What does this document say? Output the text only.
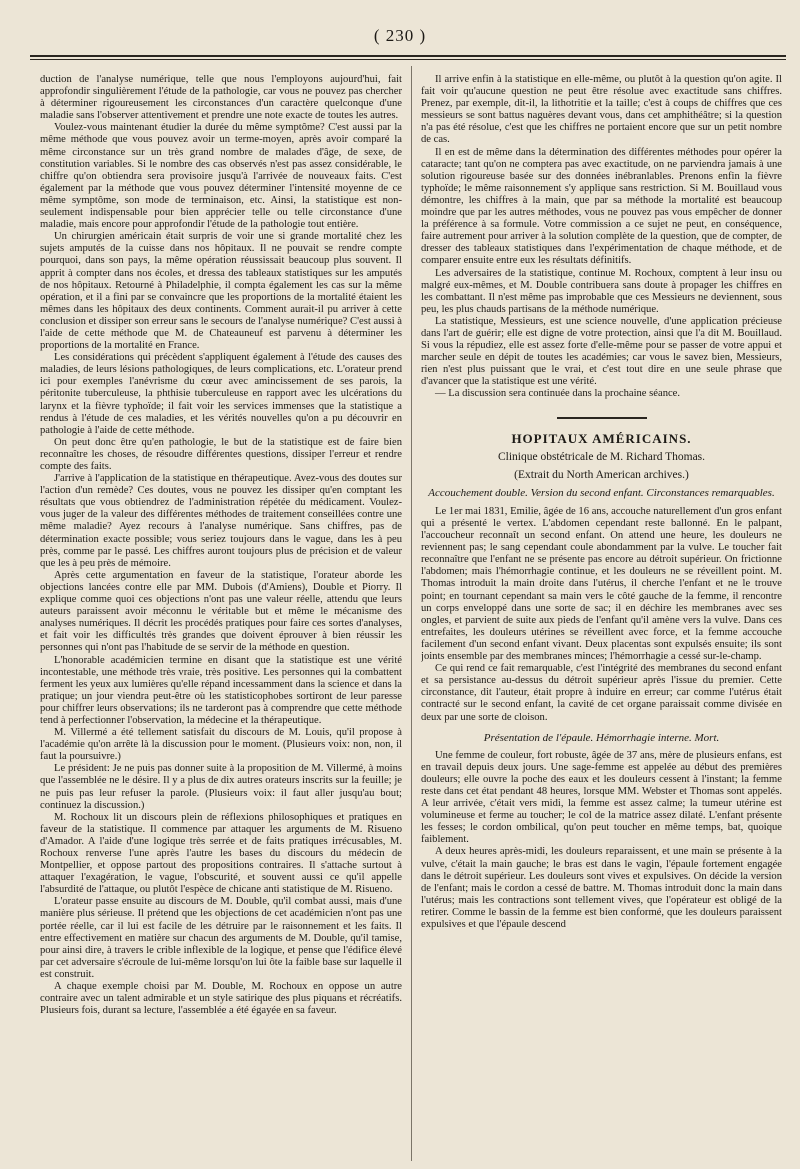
( 230 )

duction de l'analyse numérique, telle que nous l'employons aujourd'hui, fait approfondir singulièrement l'étude de la pathologie, car vous ne pouvez pas chercher à déterminer rigoureusement les circonstances d'un caractère quelconque d'une maladie sans l'observer attentivement et prendre une note exacte de toutes les autres.

Voulez-vous maintenant étudier la durée du même symptôme? C'est aussi par la même méthode que vous pouvez avoir un terme-moyen, après avoir comparé la même circonstance sur un très grand nombre de malades d'âge, de sexe, de constitution variables. Si le nombre des cas observés n'est pas assez considérable, le chiffre qu'on obtiendra sera provisoire jusqu'à l'arrivée de nouveaux faits. C'est également par la méthode que vous pouvez déterminer l'intensité moyenne de ce même symptôme, son mode de terminaison, etc. Ainsi, la statistique est non-seulement indispensable pour bien apprécier telle ou telle circonstance d'une maladie, mais encore pour approfondir l'étude de la pathologie tout entière.

Un chirurgien américain était surpris de voir une si grande mortalité chez les sujets amputés de la cuisse dans nos hôpitaux. Il ne pouvait se rendre compte pourquoi, dans son pays, la même opération réussissait beaucoup plus souvent. Il apprit à compter dans nos écoles, et dressa des tableaux statistiques sur les amputés de nos hôpitaux. Retourné à Philadelphie, il compta également les cas sur la même opération, et il a fini par se convaincre que les proportions de la mortalité étaient les mêmes dans les hôpitaux des deux continents. Comment aurait-il pu arriver à cette conclusion et dissiper son erreur sans le secours de l'analyse numérique? C'est aussi à l'aide de cette méthode que M. de Chateauneuf est parvenu à déterminer les proportions de la mortalité en France.

Les considérations qui précèdent s'appliquent également à l'étude des causes des maladies, de leurs lésions pathologiques, de leurs complications, etc. L'orateur prend ici pour exemples l'anévrisme du cœur avec amincissement de ses parois, la péritonite tuberculeuse, la phthisie tuberculeuse en rapport avec les ulcérations du larynx et la fièvre typhoïde; il fait voir les services immenses que la statistique a rendus à l'étude de ces maladies, et les vérités nouvelles qu'on a pu découvrir en pathologie à l'aide de cette méthode.

On peut donc être qu'en pathologie, le but de la statistique est de faire bien reconnaître les choses, de résoudre différentes questions, dissiper l'erreur et rendre compte des faits.

J'arrive à l'application de la statistique en thérapeutique. Avez-vous des doutes sur l'action d'un remède? Ces doutes, vous ne pouvez les dissiper qu'en comptant les résultats que vous obtiendrez de l'administration répétée du médicament. Voulez-vous juger de la valeur des différentes méthodes de traitement conseillées contre une même maladie? Ayez recours à l'analyse numérique. Sans chiffres, pas de détermination exacte possible; vous seriez toujours dans le vague, dans les à peu près, comme par le passé. Les chiffres auront toujours plus de précision et de valeur que les à peu près de mémoire.

Après cette argumentation en faveur de la statistique, l'orateur aborde les objections lancées contre elle par MM. Dubois (d'Amiens), Double et Piorry. Il explique comme quoi ces objections n'ont pas une valeur réelle, attendu que leurs auteurs paraissent avoir méconnu le véritable but et même le mécanisme des analyses numériques. Il décrit les procédés pratiques pour faire ces sortes d'analyses, et fait voir les difficultés très grandes que doivent éprouver à bien réussir les personnes qui n'ont pas l'habitude de se servir de la méthode en question.

L'honorable académicien termine en disant que la statistique est une vérité incontestable, une méthode très vraie, très positive. Les personnes qui la combattent ferment les yeux aux lumières qu'elle répand incessamment dans la science et dans la pratique; un jour viendra peut-être où les statisticophobes sortiront de leur paresse pour chiffrer leurs observations; ils ne tarderont pas à comprendre que cette méthode tend à perfectionner l'observation, la médecine et la thérapeutique.

M. Villermé a été tellement satisfait du discours de M. Louis, qu'il propose à l'académie qu'on arrête là la discussion pour le moment. (Plusieurs voix: non, non, il faut la poursuivre.)

Le président: Je ne puis pas donner suite à la proposition de M. Villermé, à moins que l'assemblée ne le désire. Il y a plus de dix autres orateurs inscrits sur la feuille; je ne puis pas leur refuser la parole. (Plusieurs voix: il faut aller jusqu'au bout; continuez la discussion.)

M. Rochoux lit un discours plein de réflexions philosophiques et pratiques en faveur de la statistique. Il commence par attaquer les arguments de M. Risueno d'Amador. A l'aide d'une logique très serrée et de faits pratiques irrécusables, M. Rochoux renverse l'une après l'autre les bases du discours du médecin de Montpellier, et oppose partout des propositions contraires. Il s'attache surtout à attaquer l'exagération, le vague, l'obscurité, et souvent aussi ce qu'il appelle l'absurdité de l'attaque, ou plutôt l'espèce de chicane anti statistique de M. Risueno.

L'orateur passe ensuite au discours de M. Double, qu'il combat aussi, mais d'une manière plus sérieuse. Il prétend que les objections de cet académicien n'ont pas une portée réelle, car il lui est facile de les détruire par le raisonnement et les faits. Il entre effectivement en matière sur chacun des arguments de M. Double, qu'il tamise, pour ainsi dire, à travers le crible inflexible de la logique, et pense que l'édifice élevé par cet adversaire s'écroule de lui-même lorsqu'on lui ôte la faible base sur laquelle il est construit.

A chaque exemple choisi par M. Double, M. Rochoux en oppose un autre contraire avec un talent admirable et un style satirique des plus piquans et récréatifs. Plusieurs fois, durant sa lecture, l'assemblée a été égayée en sa faveur.

Il arrive enfin à la statistique en elle-même, ou plutôt à la question qu'on agite. Il fait voir qu'aucune question ne peut être résolue avec exactitude sans chiffres. Prenez, par exemple, dit-il, la lithotritie et la taille; c'est à coups de chiffres que ces messieurs se sont battus naguères devant vous, dans cet amphithéâtre; si la question n'a pas été résolue, c'est que les chiffres ne portaient encore que sur un petit nombre de cas.

Il en est de même dans la détermination des différentes méthodes pour opérer la cataracte; tant qu'on ne comptera pas avec exactitude, on ne parviendra jamais à une solution rigoureuse basée sur des données inébranlables. Prenons enfin la fièvre typhoïde; le même raisonnement s'y applique sans restriction. Si M. Bouillaud vous démontre, les chiffres à la main, que par sa méthode la mortalité est beaucoup moindre que par les autres méthodes, vous ne pouvez pas vous empêcher de donner la préférence à sa formule. Votre commission a ce sujet ne peut, en conséquence, faire autrement pour arriver à la solution complète de la question, que de compter, de dresser des tableaux statistiques dans l'expérimentation de chaque méthode, et de comparer ensuite entre eux les résultats définitifs.

Les adversaires de la statistique, continue M. Rochoux, comptent à leur insu ou malgré eux-mêmes, et M. Double contribuera sans doute à propager les chiffres en les combattant. Il n'est même pas improbable que ces Messieurs ne deviennent, sous peu, les plus chauds partisans de la méthode numérique.

La statistique, Messieurs, est une science nouvelle, d'une application précieuse dans l'art de guérir; elle est digne de votre protection, ainsi que l'a dit M. Bouillaud. Si vous la répudiez, elle est assez forte d'elle-même pour se passer de votre appui et marcher seule en dépit de toutes les académies; car vous le savez bien, Messieurs, rien n'est plus puissant que le vrai, et c'est tout dire en une seule phrase que d'avancer que la statistique est une vérité.

— La discussion sera continuée dans la prochaine séance.

HOPITAUX AMÉRICAINS.
Clinique obstétricale de M. Richard Thomas.
(Extrait du North American archives.)
Accouchement double. Version du second enfant. Circonstances remarquables.

Le 1er mai 1831, Emilie, âgée de 16 ans, accouche naturellement d'un gros enfant qui a présenté le vertex. L'abdomen cependant reste ballonné. En le palpant, l'accoucheur reconnaît un second enfant. On attend une heure, les douleurs ne reviennent pas; le sang cependant coule abondamment par la vulve. Le toucher fait reconnaître que l'enfant ne se présente pas encore au détroit supérieur. On frictionne l'abdomen; mais l'hémorrhagie continue, et les douleurs ne se réveillent point. M. Thomas introduit la main droite dans l'utérus, il cherche l'enfant et ne le trouve point; en tournant cependant sa main vers le côté gauche de la femme, il rencontre un corps enveloppé dans une sorte de sac; il en déchire les membranes avec ses ongles, et parvient de suite aux pieds de l'enfant qu'il amène vers la vulve. Dans ces entrefaites, les douleurs utérines se réveillent avec force, et la femme accouche facilement d'un second enfant vivant. Deux placentas sont expulsés ensuite; ils sont joints ensemble par des membranes minces; l'hémorrhagie a cessé sur-le-champ.

Ce qui rend ce fait remarquable, c'est l'intégrité des membranes du second enfant et sa persistance au-dessus du détroit supérieur après l'issue du premier. Cette circonstance, dit l'auteur, était propre à induire en erreur; car comme l'utérus était contracté sur le second enfant, la cavité de cet organe paraissait comme divisée en deux par une sorte de cloison.

Présentation de l'épaule. Hémorrhagie interne. Mort.

Une femme de couleur, fort robuste, âgée de 37 ans, mère de plusieurs enfans, est en travail depuis deux jours. Une sage-femme est appelée au début des premières douleurs; elle ouvre la poche des eaux et les douleurs cessent à l'instant; la femme reste dans cet état pendant 48 heures, lorsque MM. Webster et Thomas sont appelés. A leur arrivée, c'était vers midi, la femme est assez calme; la tumeur utérine est volumineuse et ferme au toucher; le col de la matrice assez dilaté. L'enfant présente les fesses; le cordon ombilical, qu'on peut toucher en même temps, bat, quoique faiblement.

A deux heures après-midi, les douleurs reparaissent, et une main se présente à la vulve, c'était la main gauche; le bras est dans le vagin, l'épaule fortement engagée dans le détroit supérieur. Les douleurs sont vives et expulsives. On décide la version de l'enfant; mais le cordon a cessé de battre. M. Thomas introduit donc la main dans l'utérus; mais les contractions sont tellement vives, que l'opérateur est obligé de la retirer. Comme le bassin de la femme est bien conformé, que les douleurs paraissent expulsives et que l'épaule descend
